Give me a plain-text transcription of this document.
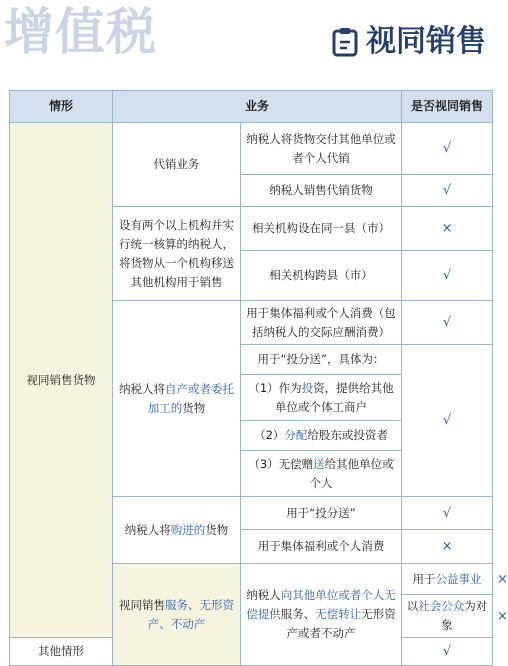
增值税	视同销售
情形	业务		是否视同销售	
视同销售货物	代销业务	纳税人将货物交付其他单位或者个人代销	√	
		纳税人销售代销货物	√	
	设有两个以上机构并实行统一核算的纳税人，将货物从一个机构移送其他机构用于销售	相关机构设在同一县（市）	×	
		相关机构跨县（市）	√	
	纳税人将自产或者委托加工的货物	用于集体福利或个人消费（包括纳税人的交际应酬消费）	√	
		用于“投分送”，具体为：	√	
		（1）作为投资，提供给其他单位或个体工商户		
		（2）分配给股东或投资者		
		（3）无偿赠送给其他单位或个人		
	纳税人将购进的货物	用于“投分送”	√	
		用于集体福利或个人消费	×	
	视同销售服务、无形资产、不动产	纳税人向其他单位或者个人无偿提供服务、无偿转让无形资产或者不动产	用于公益事业	×
			以社会公众为对象	×
其他情形			√	
